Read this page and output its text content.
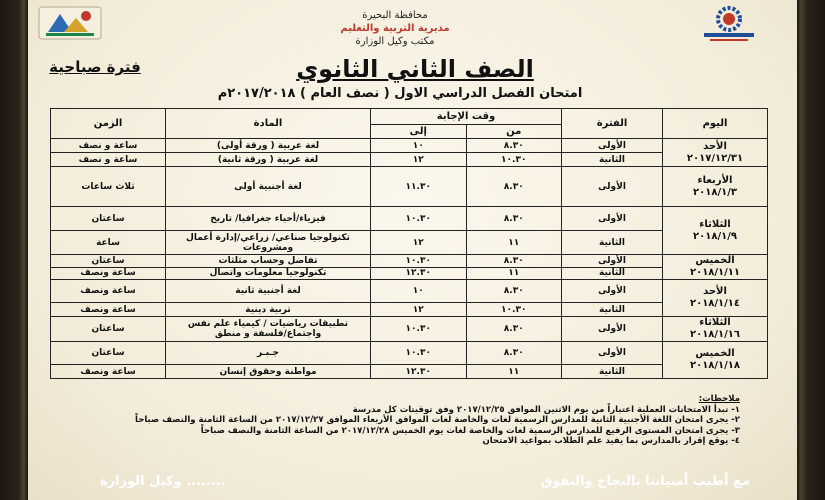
محافظة البحيرة
مديرية التربية والتعليم
مكتب وكيل الوزارة
فترة صباحية	الصف الثاني الثانوي
امتحان الفصل الدراسي الاول ( نصف العام ) ٢٠١٧/٢٠١٨م
اليوم	الفترة	وقت الإجابة		المادة	الزمن
		من	إلى		

الأحد
٢٠١٧/١٢/٣١	الأولى	٨.٣٠	١٠	لغة عربية ( ورقة أولى)	ساعة و نصف
	الثانية	١٠.٣٠	١٢	لغة عربية ( ورقة ثانية)	ساعة و نصف

الأربعاء
٢٠١٨/١/٣	الأولى	٨.٣٠	١١.٣٠	لغة أجنبية أولى	ثلاث ساعات

الثلاثاء
٢٠١٨/١/٩	الأولى	٨.٣٠	١٠.٣٠	فيزياء/أحياء جغرافيا/ تاريخ	ساعتان
	الثانية	١١	١٢	تكنولوجيا صناعي/ زراعي/إدارة أعمال ومشروعات	ساعة

الخميس
٢٠١٨/١/١١	الأولى	٨.٣٠	١٠.٣٠	تفاضل وحساب مثلثات	ساعتان
	الثانية	١١	١٢.٣٠	تكنولوجيا معلومات واتصال	ساعة ونصف

الأحد
٢٠١٨/١/١٤	الأولى	٨.٣٠	١٠	لغة أجنبية ثانية	ساعة ونصف
	الثانية	١٠.٣٠	١٢	تربية دينية	ساعة ونصف

الثلاثاء
٢٠١٨/١/١٦	الأولى	٨.٣٠	١٠.٣٠	تطبيقات رياضيات / كيمياء علم نفس واجتماع/فلسفة و منطق	ساعتان

الخميس
٢٠١٨/١/١٨	الأولى	٨.٣٠	١٠.٣٠	جـبـر	ساعتان
	الثانية	١١	١٢.٣٠	مواطنة وحقوق إنسان	ساعة ونصف
ملاحظات:
١- تبدأ الامتحانات العملية اعتباراً من يوم الاثنين الموافق ٢٠١٧/١٢/٢٥ وفق توقيتات كل مدرسة
٢- يجرى امتحان اللغة الأجنبية الثانية للمدارس الرسمية لغات والخاصة لغات الموافق الأربعاء الموافق ٢٠١٧/١٢/٢٧ من الساعة الثامنة والنصف صباحاً
٣- يجرى امتحان المستوى الرفيع للمدارس الرسمية لغات والخاصة لغات يوم الخميس ٢٠١٧/١٢/٢٨ من الساعة الثامنة والنصف صباحاً
٤- يوقع إقرار بالمدارس بما يفيد علم الطلاب بمواعيد الامتحان
........ وكيل الوزارة	مع أطيب أمنياتنا بالنجاح والتفوق
